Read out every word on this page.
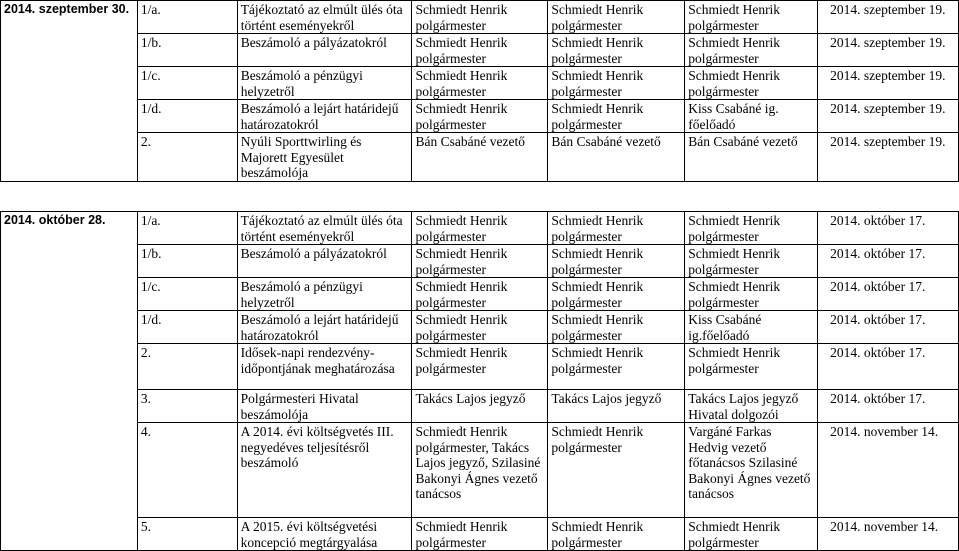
2014. szeptember 30.	1/a.	Tájékoztató az elmúlt ülés óta történt eseményekről	Schmiedt Henrik polgármester	Schmiedt Henrik polgármester	Schmiedt Henrik polgármester	2014. szeptember 19.

	1/b.	Beszámoló a pályázatokról	Schmiedt Henrik polgármester	Schmiedt Henrik polgármester	Schmiedt Henrik polgármester	2014. szeptember 19.

	1/c.	Beszámoló a pénzügyi helyzetről	Schmiedt Henrik polgármester	Schmiedt Henrik polgármester	Schmiedt Henrik polgármester	2014. szeptember 19.

	1/d.	Beszámoló a lejárt határidejű határozatokról	Schmiedt Henrik polgármester	Schmiedt Henrik polgármester	Kiss Csabáné ig. főelőadó	2014. szeptember 19.

	2.	Nyúli Sporttwirling és Majorett Egyesület beszámolója	Bán Csabáné vezető	Bán Csabáné vezető	Bán Csabáné vezető	2014. szeptember 19.
2014. október 28.	1/a.	Tájékoztató az elmúlt ülés óta történt eseményekről	Schmiedt Henrik polgármester	Schmiedt Henrik polgármester	Schmiedt Henrik polgármester	2014. október 17.

	1/b.	Beszámoló a pályázatokról	Schmiedt Henrik polgármester	Schmiedt Henrik polgármester	Schmiedt Henrik polgármester	2014. október 17.

	1/c.	Beszámoló a pénzügyi helyzetről	Schmiedt Henrik polgármester	Schmiedt Henrik polgármester	Schmiedt Henrik polgármester	2014. október 17.

	1/d.	Beszámoló a lejárt határidejű határozatokról	Schmiedt Henrik polgármester	Schmiedt Henrik polgármester	Kiss Csabáné ig.főelőadó	2014. október 17.

	2.	Idősek-napi rendezvény-időpontjának meghatározása	Schmiedt Henrik polgármester	Schmiedt Henrik polgármester	Schmiedt Henrik polgármester	2014. október 17.

	3.	Polgármesteri Hivatal beszámolója	Takács Lajos jegyző	Takács Lajos jegyző	Takács Lajos jegyző Hivatal dolgozói	2014. október 17.

	4.	A 2014. évi költségvetés III. negyedéves teljesítésről beszámoló	Schmiedt Henrik polgármester, Takács Lajos jegyző, Szilasiné Bakonyi Ágnes vezető tanácsos	Schmiedt Henrik polgármester	Vargáné Farkas Hedvig vezető főtanácsos Szilasiné Bakonyi Ágnes vezető tanácsos	2014. november 14.

	5.	A 2015. évi költségvetési koncepció megtárgyalása	Schmiedt Henrik polgármester	Schmiedt Henrik polgármester	Schmiedt Henrik polgármester	2014. november 14.
